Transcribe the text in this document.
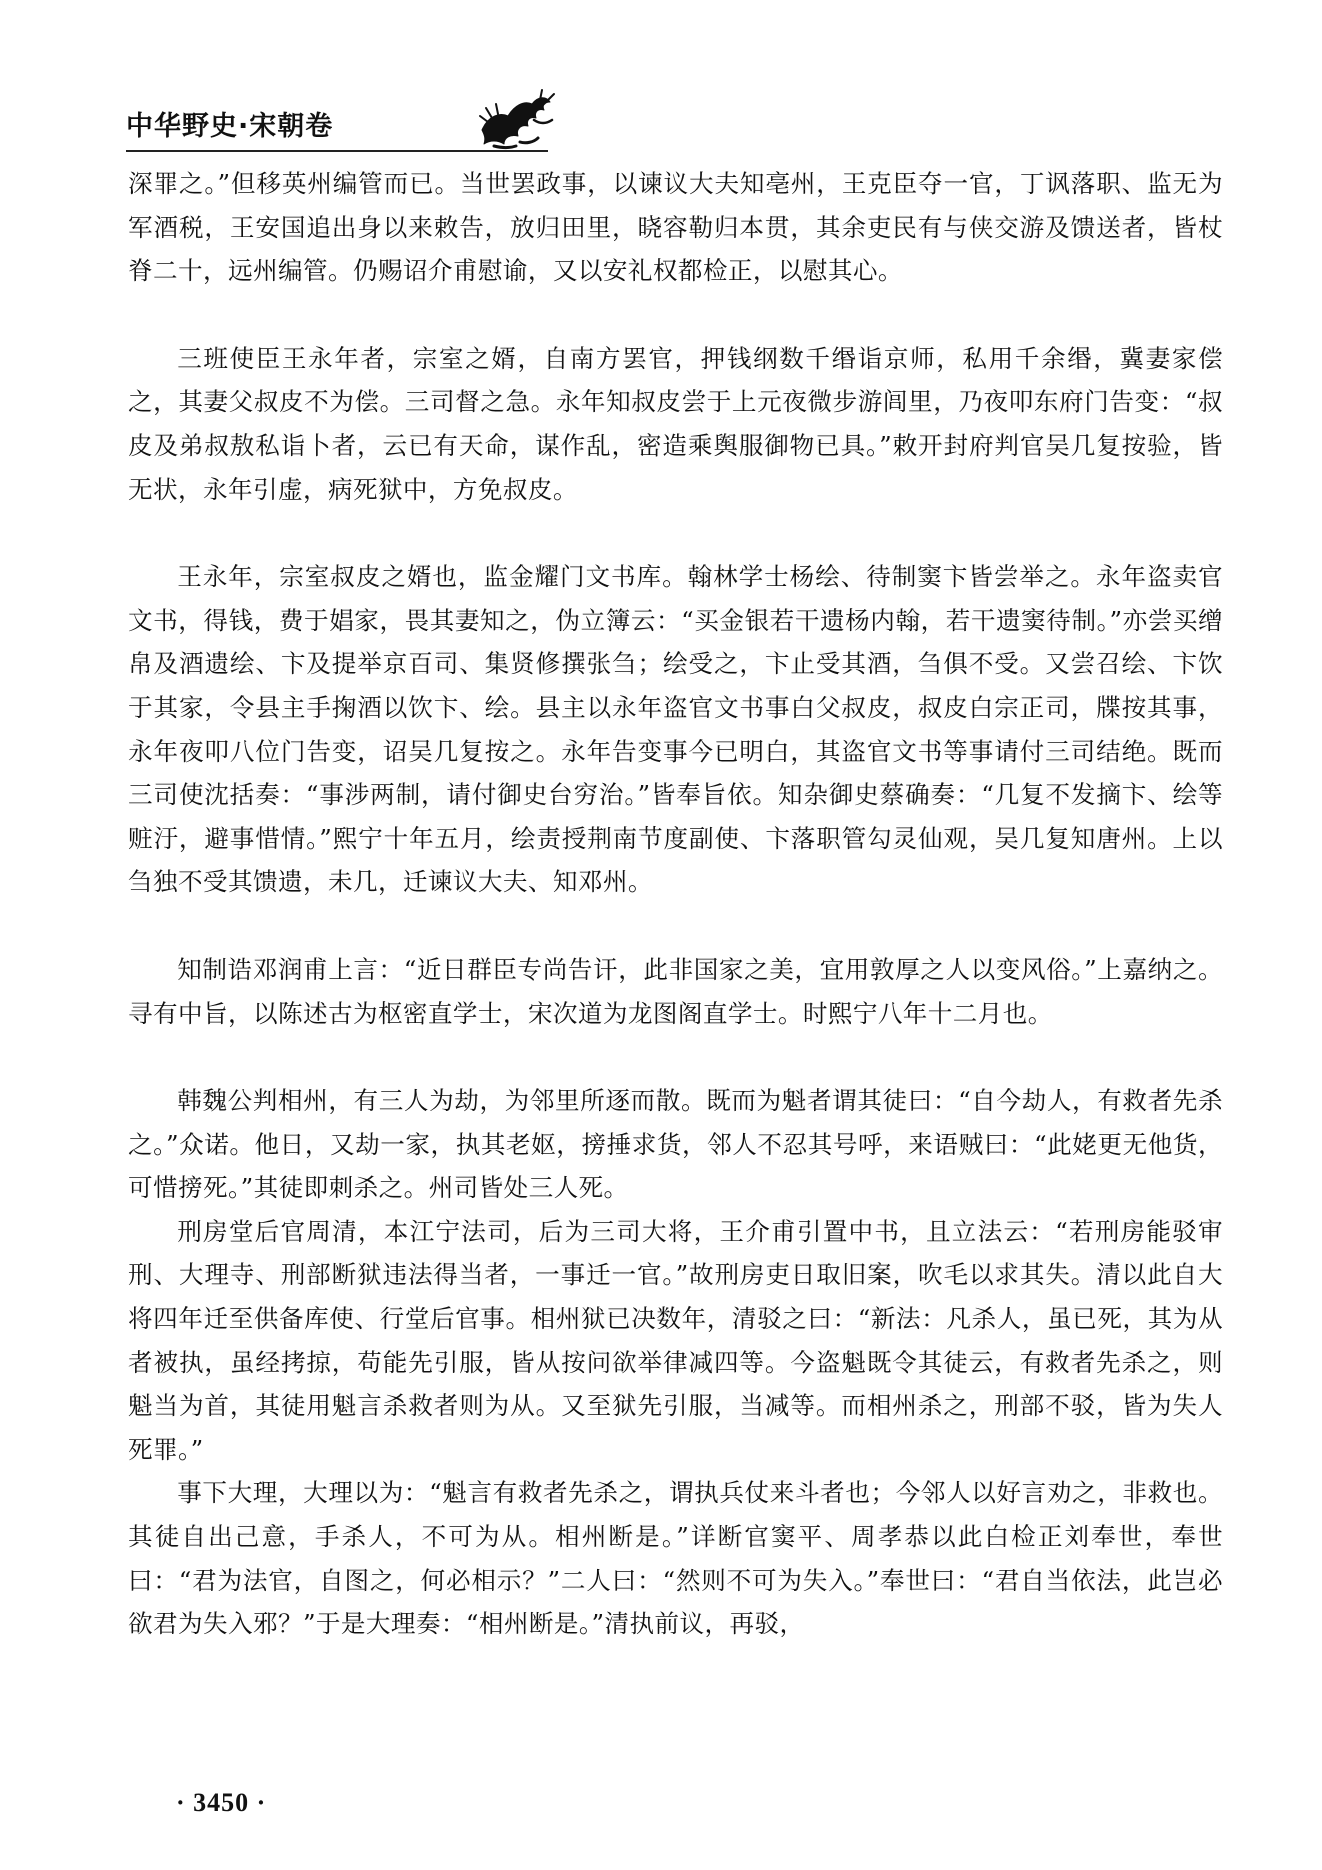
中华野史·宋朝卷

深罪之。”但移英州编管而已。当世罢政事，以谏议大夫知亳州，王克臣夺一官，丁讽落职、监无为军酒税，王安国追出身以来敕告，放归田里，晓容勒归本贯，其余吏民有与侠交游及馈送者，皆杖脊二十，远州编管。仍赐诏介甫慰谕，又以安礼权都检正，以慰其心。

三班使臣王永年者，宗室之婿，自南方罢官，押钱纲数千缗诣京师，私用千余缗，冀妻家偿之，其妻父叔皮不为偿。三司督之急。永年知叔皮尝于上元夜微步游闾里，乃夜叩东府门告变：“叔皮及弟叔敖私诣卜者，云已有天命，谋作乱，密造乘舆服御物已具。”敕开封府判官吴几复按验，皆无状，永年引虚，病死狱中，方免叔皮。

王永年，宗室叔皮之婿也，监金耀门文书库。翰林学士杨绘、待制窦卞皆尝举之。永年盗卖官文书，得钱，费于娼家，畏其妻知之，伪立簿云：“买金银若干遗杨内翰，若干遗窦待制。”亦尝买缯帛及酒遗绘、卞及提举京百司、集贤修撰张刍；绘受之，卞止受其酒，刍俱不受。又尝召绘、卞饮于其家，令县主手掬酒以饮卞、绘。县主以永年盗官文书事白父叔皮，叔皮白宗正司，牒按其事，永年夜叩八位门告变，诏吴几复按之。永年告变事今已明白，其盗官文书等事请付三司结绝。既而三司使沈括奏：“事涉两制，请付御史台穷治。”皆奉旨依。知杂御史蔡确奏：“几复不发摘卞、绘等赃汙，避事惜情。”熙宁十年五月，绘责授荆南节度副使、卞落职管勾灵仙观，吴几复知唐州。上以刍独不受其馈遗，未几，迁谏议大夫、知邓州。

知制诰邓润甫上言：“近日群臣专尚告讦，此非国家之美，宜用敦厚之人以变风俗。”上嘉纳之。寻有中旨，以陈述古为枢密直学士，宋次道为龙图阁直学士。时熙宁八年十二月也。

韩魏公判相州，有三人为劫，为邻里所逐而散。既而为魁者谓其徒曰：“自今劫人，有救者先杀之。”众诺。他日，又劫一家，执其老妪，搒捶求货，邻人不忍其号呼，来语贼曰：“此姥更无他货，可惜搒死。”其徒即刺杀之。州司皆处三人死。

刑房堂后官周清，本江宁法司，后为三司大将，王介甫引置中书，且立法云：“若刑房能驳审刑、大理寺、刑部断狱违法得当者，一事迁一官。”故刑房吏日取旧案，吹毛以求其失。清以此自大将四年迁至供备库使、行堂后官事。相州狱已决数年，清驳之曰：“新法：凡杀人，虽已死，其为从者被执，虽经拷掠，苟能先引服，皆从按问欲举律减四等。今盗魁既令其徒云，有救者先杀之，则魁当为首，其徒用魁言杀救者则为从。又至狱先引服，当减等。而相州杀之，刑部不驳，皆为失人死罪。”

事下大理，大理以为：“魁言有救者先杀之，谓执兵仗来斗者也；今邻人以好言劝之，非救也。其徒自出己意，手杀人，不可为从。相州断是。”详断官窦平、周孝恭以此白检正刘奉世，奉世曰：“君为法官，自图之，何必相示？”二人曰：“然则不可为失入。”奉世曰：“君自当依法，此岂必欲君为失入邪？”于是大理奏：“相州断是。”清执前议，再驳，

· 3450 ·
